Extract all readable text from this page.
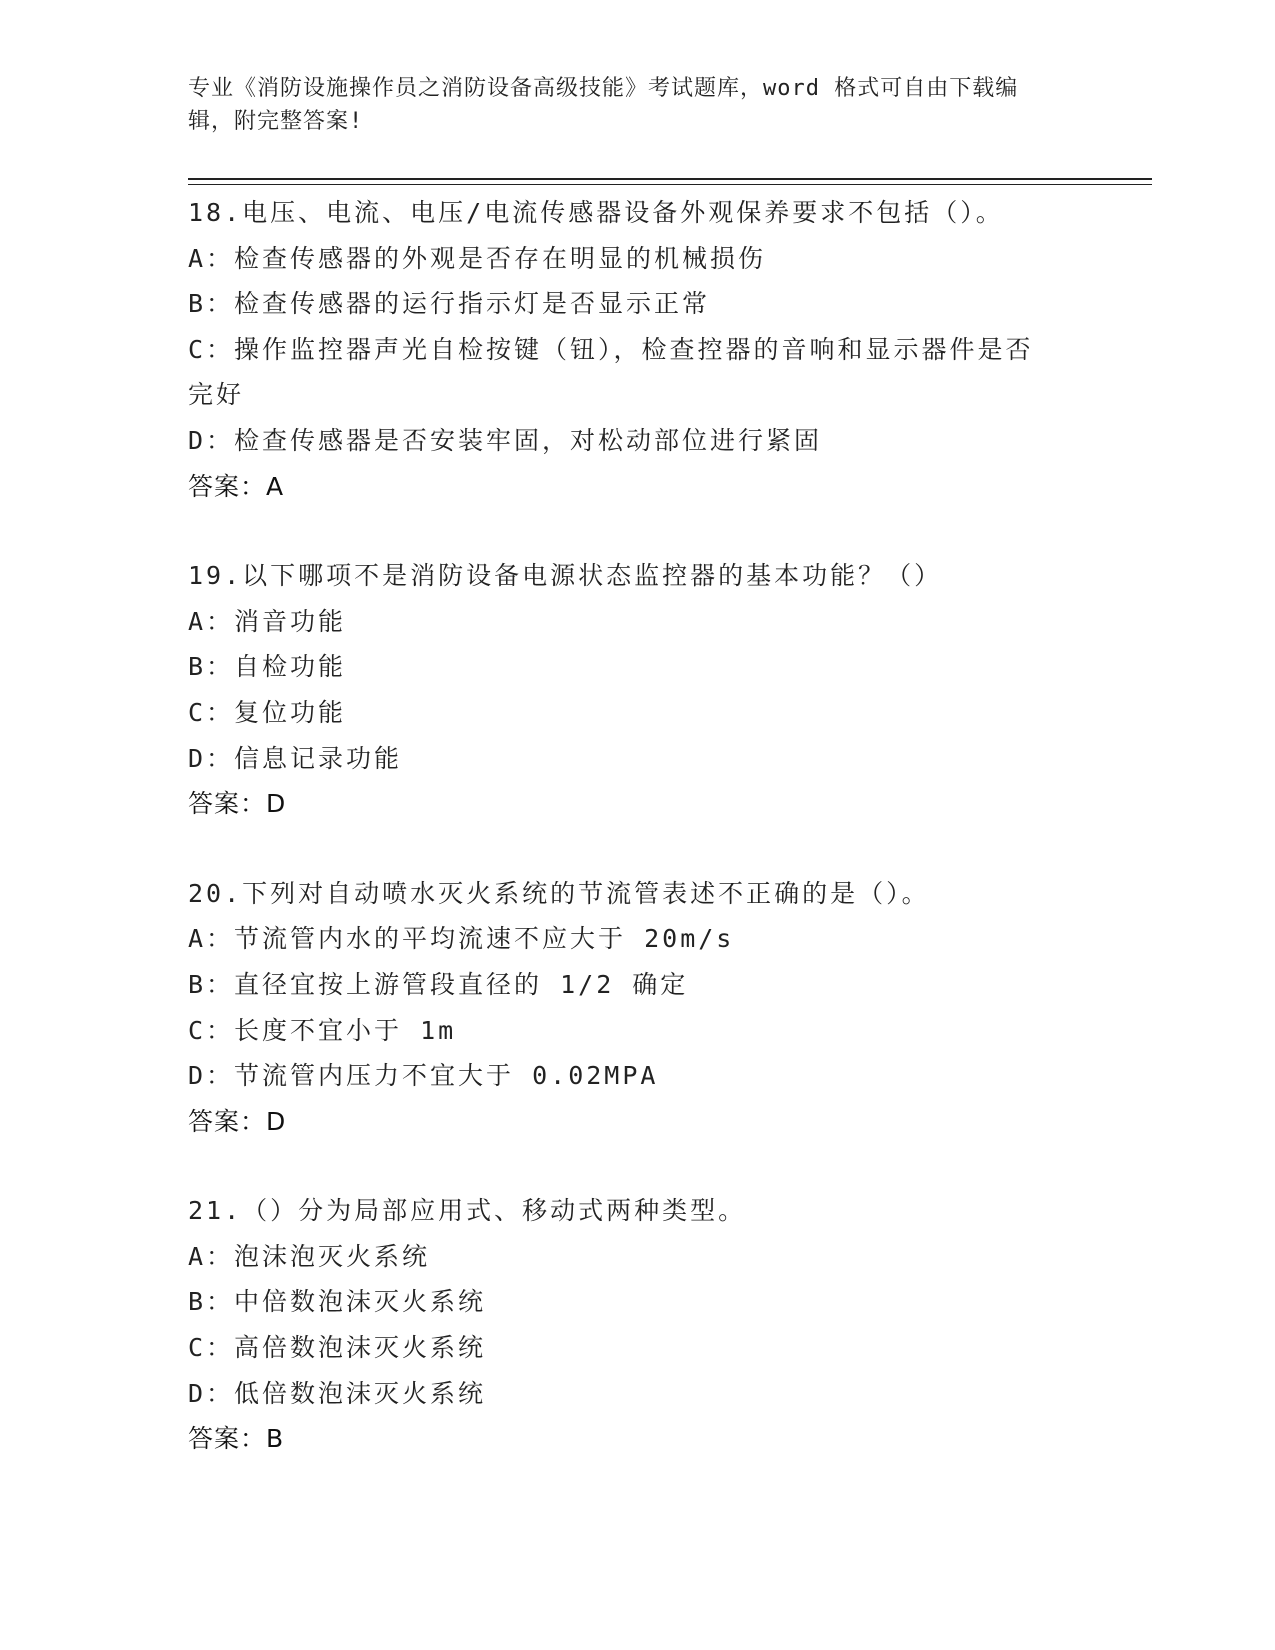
专业《消防设施操作员之消防设备高级技能》考试题库，word 格式可自由下载编
辑，附完整答案!
18.电压、电流、电压/电流传感器设备外观保养要求不包括（）。
A：检查传感器的外观是否存在明显的机械损伤
B：检查传感器的运行指示灯是否显示正常
C：操作监控器声光自检按键（钮），检查控器的音响和显示器件是否完好
D：检查传感器是否安装牢固，对松动部位进行紧固
答案：A
19.以下哪项不是消防设备电源状态监控器的基本功能？（）
A：消音功能
B：自检功能
C：复位功能
D：信息记录功能
答案：D
20.下列对自动喷水灭火系统的节流管表述不正确的是（）。
A：节流管内水的平均流速不应大于 20m/s
B：直径宜按上游管段直径的 1/2 确定
C：长度不宜小于 1m
D：节流管内压力不宜大于 0.02MPA
答案：D
21.（）分为局部应用式、移动式两种类型。
A：泡沫泡灭火系统
B：中倍数泡沫灭火系统
C：高倍数泡沫灭火系统
D：低倍数泡沫灭火系统
答案：B
